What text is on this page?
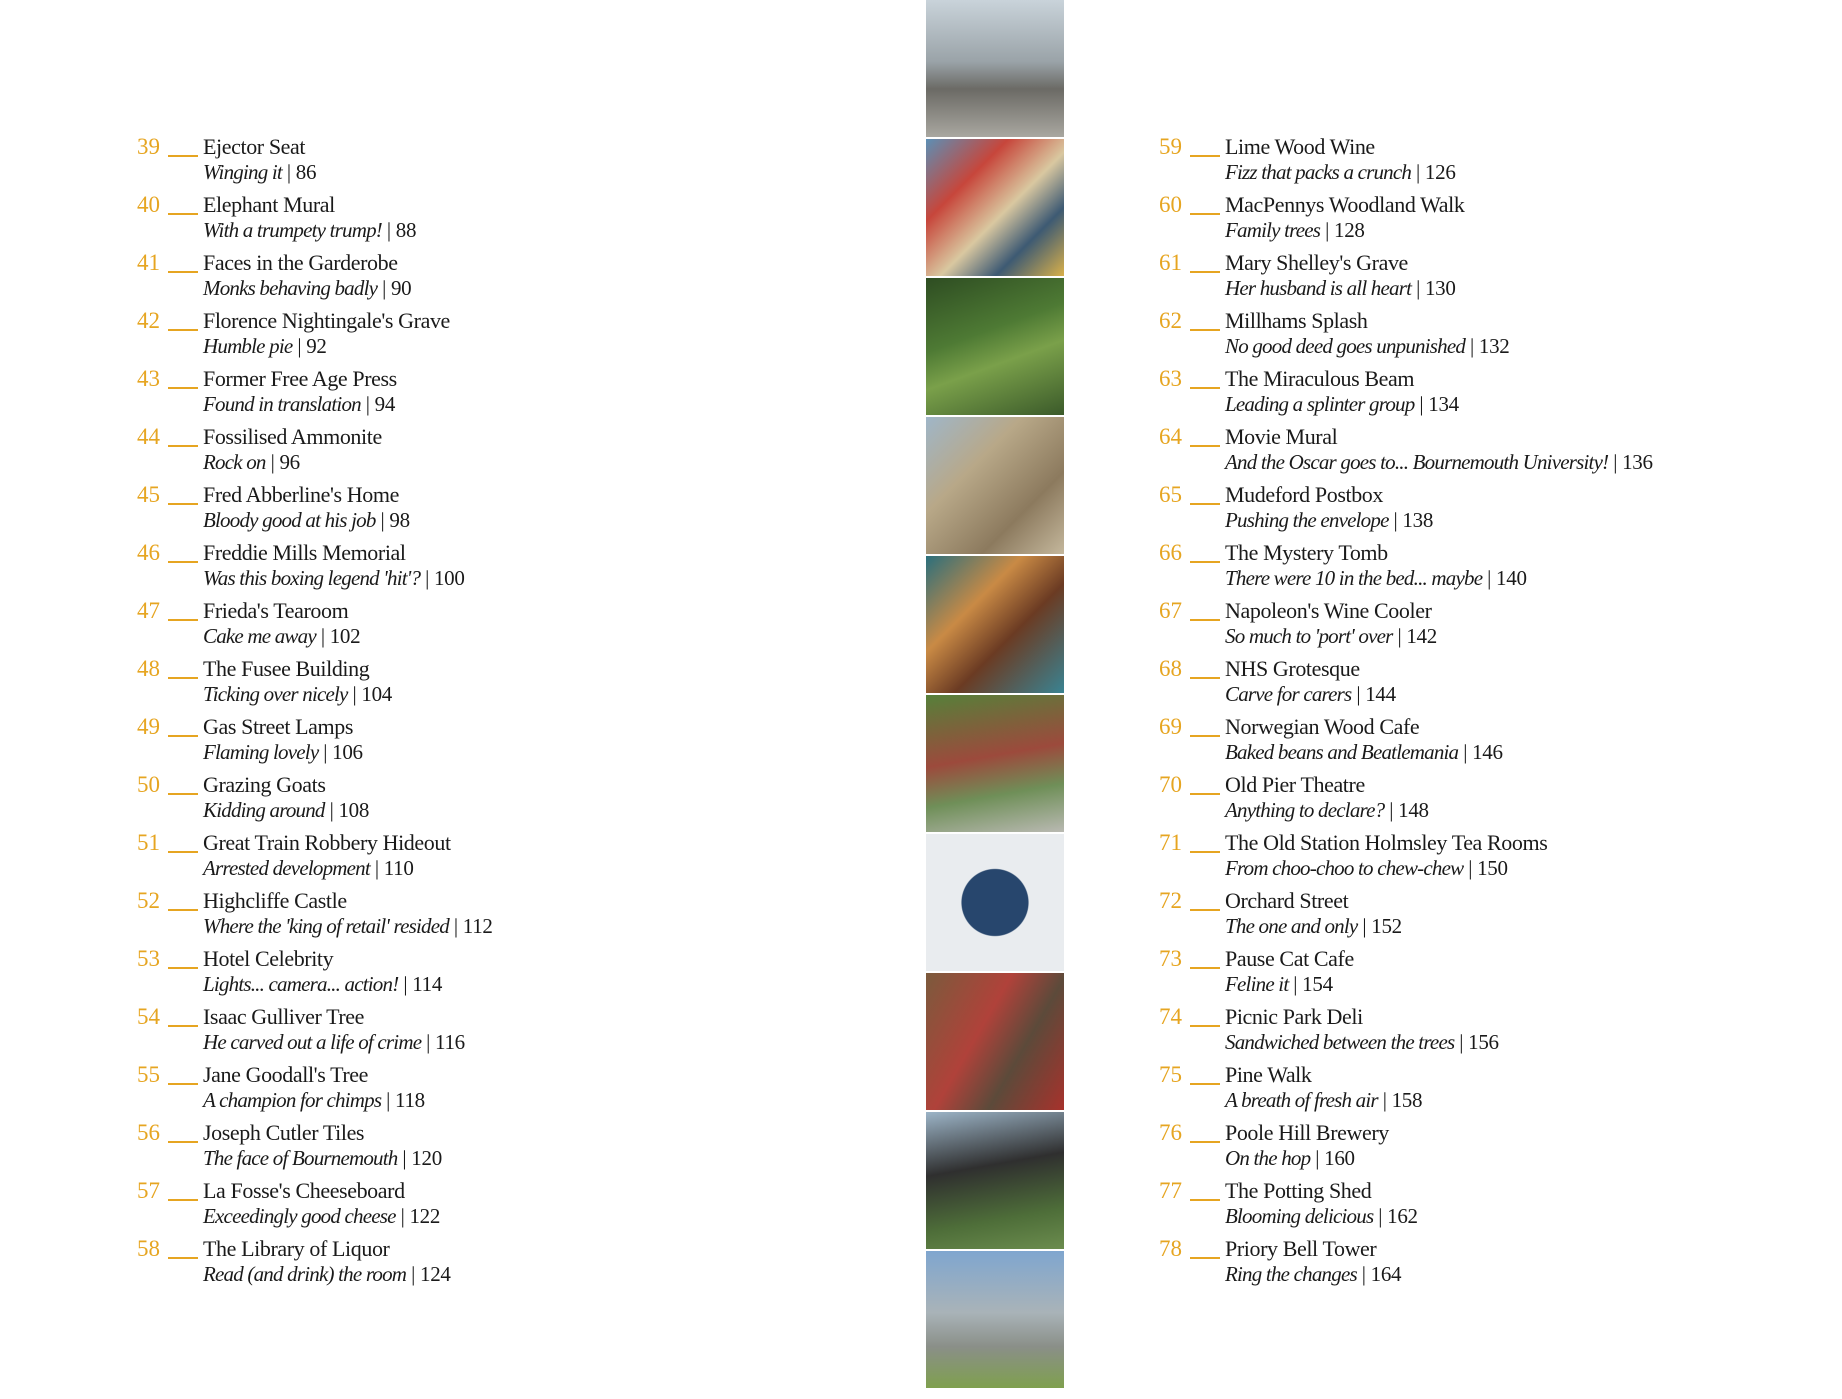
39	Ejector Seat
Winging it | 86
40	Elephant Mural
With a trumpety trump! | 88
41	Faces in the Garderobe
Monks behaving badly | 90
42	Florence Nightingale's Grave
Humble pie | 92
43	Former Free Age Press
Found in translation | 94
44	Fossilised Ammonite
Rock on | 96
45	Fred Abberline's Home
Bloody good at his job | 98
46	Freddie Mills Memorial
Was this boxing legend 'hit'? | 100
47	Frieda's Tearoom
Cake me away | 102
48	The Fusee Building
Ticking over nicely | 104
49	Gas Street Lamps
Flaming lovely | 106
50	Grazing Goats
Kidding around | 108
51	Great Train Robbery Hideout
Arrested development | 110
52	Highcliffe Castle
Where the 'king of retail' resided | 112
53	Hotel Celebrity
Lights... camera... action! | 114
54	Isaac Gulliver Tree
He carved out a life of crime | 116
55	Jane Goodall's Tree
A champion for chimps | 118
56	Joseph Cutler Tiles
The face of Bournemouth | 120
57	La Fosse's Cheeseboard
Exceedingly good cheese | 122
58	The Library of Liquor
Read (and drink) the room | 124
59	Lime Wood Wine
Fizz that packs a crunch | 126
60	MacPennys Woodland Walk
Family trees | 128
61	Mary Shelley's Grave
Her husband is all heart | 130
62	Millhams Splash
No good deed goes unpunished | 132
63	The Miraculous Beam
Leading a splinter group | 134
64	Movie Mural
And the Oscar goes to... Bournemouth University! | 136
65	Mudeford Postbox
Pushing the envelope | 138
66	The Mystery Tomb
There were 10 in the bed... maybe | 140
67	Napoleon's Wine Cooler
So much to 'port' over | 142
68	NHS Grotesque
Carve for carers | 144
69	Norwegian Wood Cafe
Baked beans and Beatlemania | 146
70	Old Pier Theatre
Anything to declare? | 148
71	The Old Station Holmsley Tea Rooms
From choo-choo to chew-chew | 150
72	Orchard Street
The one and only | 152
73	Pause Cat Cafe
Feline it | 154
74	Picnic Park Deli
Sandwiched between the trees | 156
75	Pine Walk
A breath of fresh air | 158
76	Poole Hill Brewery
On the hop | 160
77	The Potting Shed
Blooming delicious | 162
78	Priory Bell Tower
Ring the changes | 164
